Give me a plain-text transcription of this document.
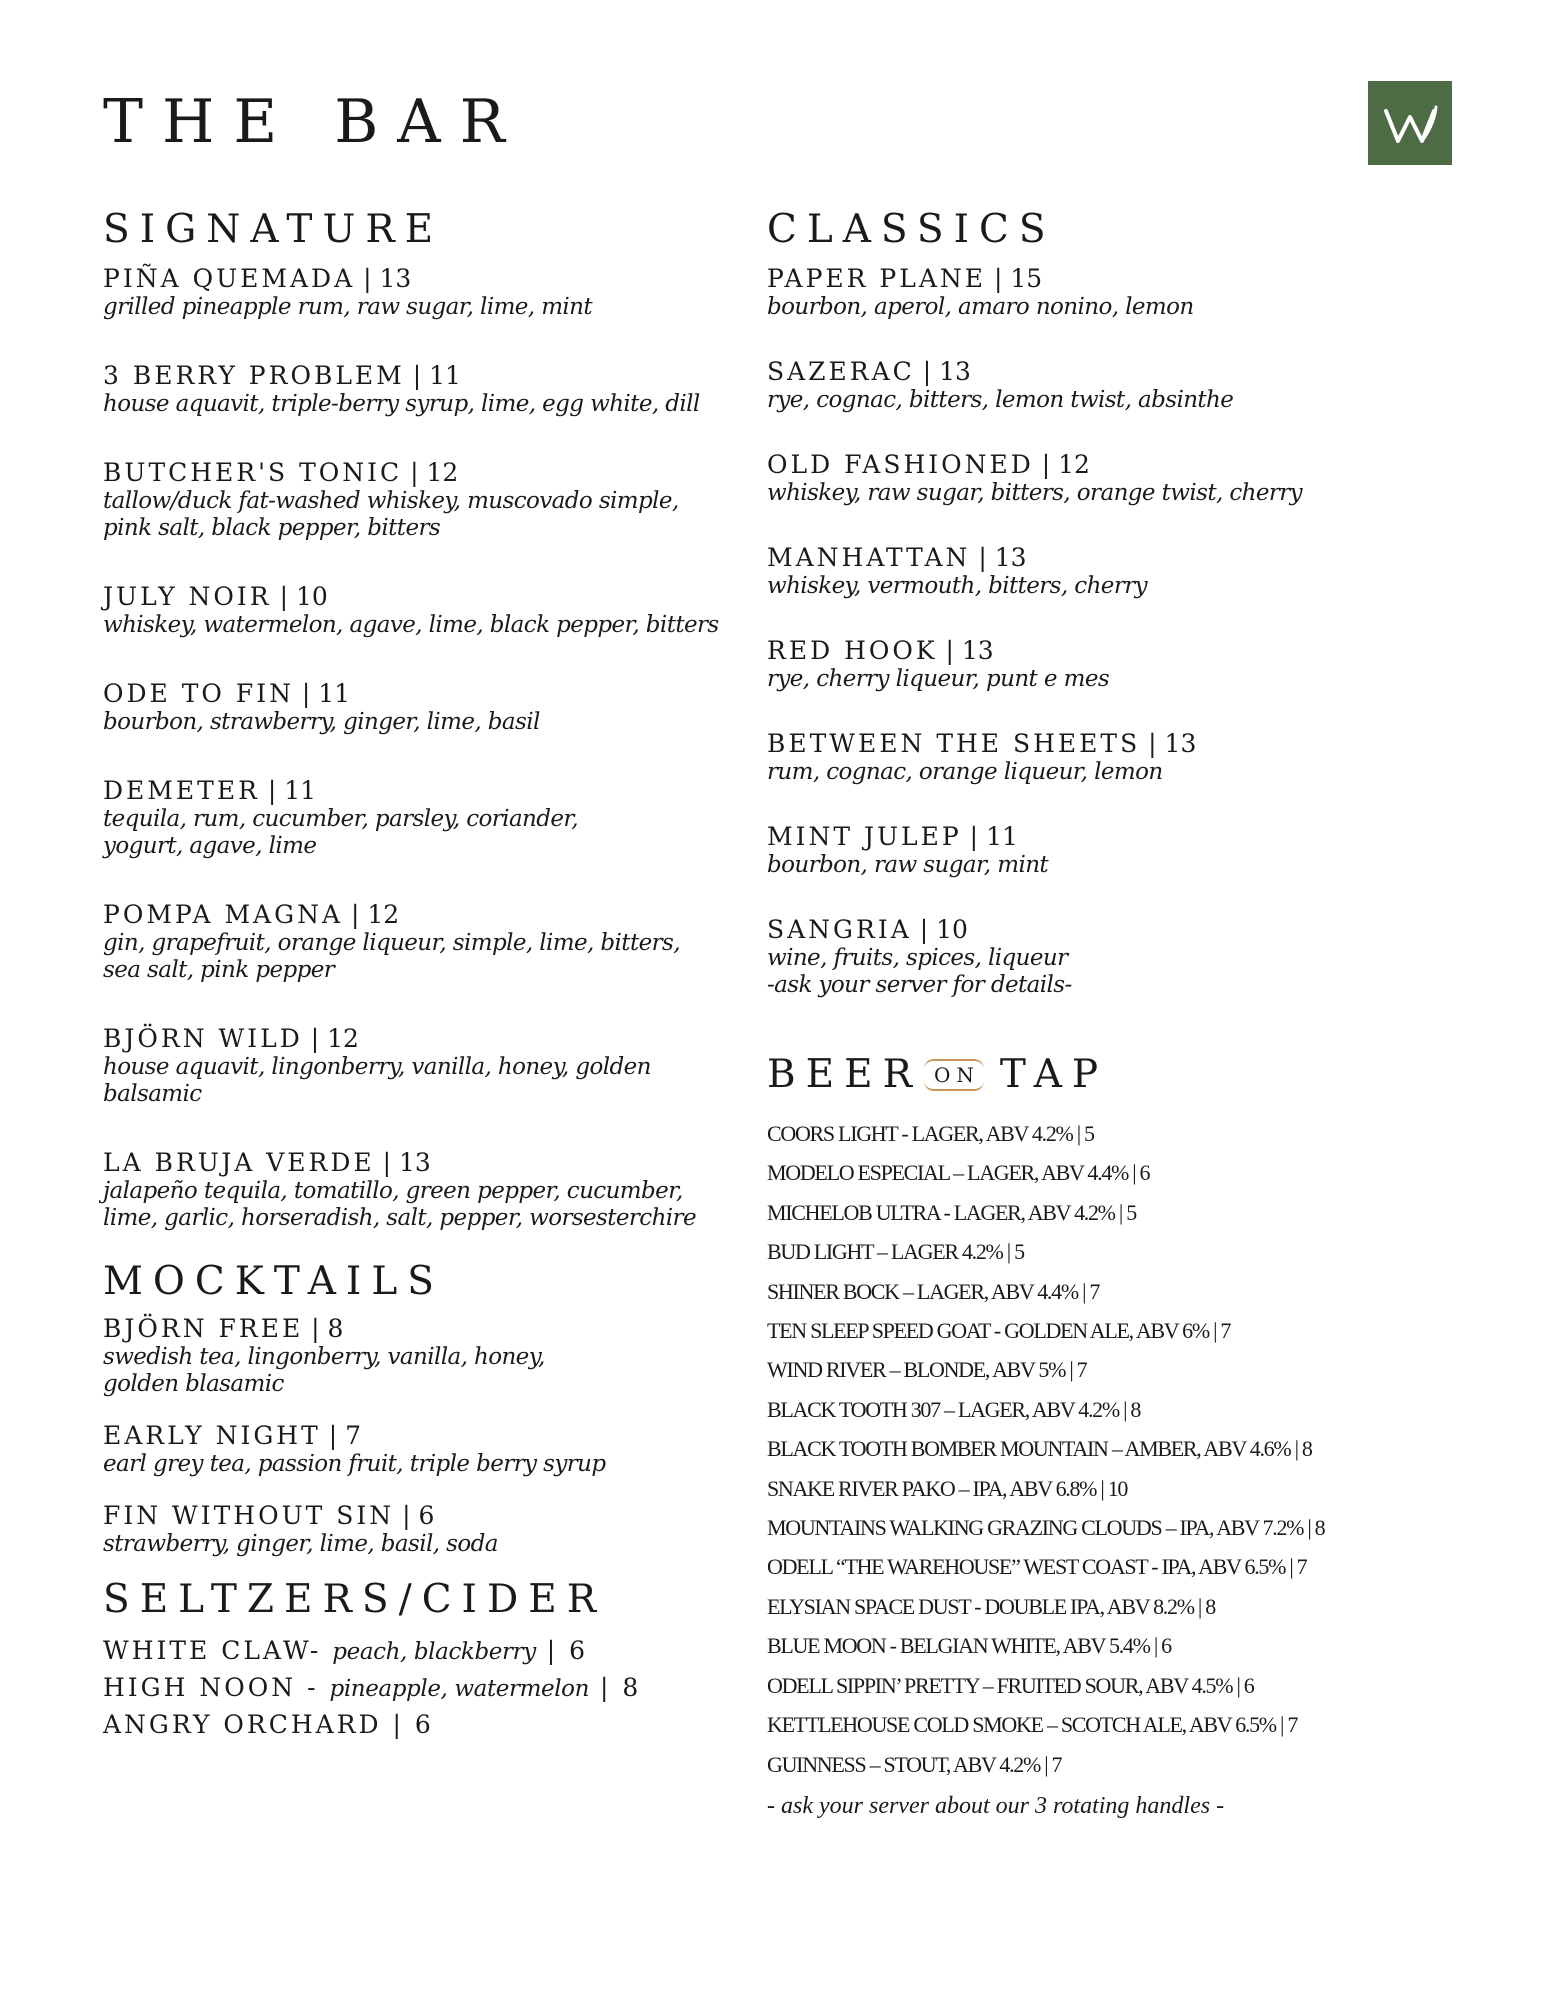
THE BAR
SIGNATURE
PIÑA QUEMADA | 13
grilled pineapple rum, raw sugar, lime, mint
3 BERRY PROBLEM | 11
house aquavit, triple-berry syrup, lime, egg white, dill
BUTCHER'S TONIC | 12
tallow/duck fat-washed whiskey, muscovado simple,
pink salt, black pepper, bitters
JULY NOIR | 10
whiskey, watermelon, agave, lime, black pepper, bitters
ODE TO FIN | 11
bourbon, strawberry, ginger, lime, basil
DEMETER | 11
tequila, rum, cucumber, parsley, coriander,
yogurt, agave, lime
POMPA MAGNA | 12
gin, grapefruit, orange liqueur, simple, lime, bitters,
sea salt, pink pepper
BJÖRN WILD | 12
house aquavit, lingonberry, vanilla, honey, golden balsamic
LA BRUJA VERDE | 13
jalapeño tequila, tomatillo, green pepper, cucumber,
lime, garlic, horseradish, salt, pepper, worsesterchire
MOCKTAILS
BJÖRN FREE | 8
swedish tea, lingonberry, vanilla, honey,
golden blasamic
EARLY NIGHT | 7
earl grey tea, passion fruit, triple berry syrup
FIN WITHOUT SIN | 6
strawberry, ginger, lime, basil, soda
SELTZERS/CIDER
WHITE CLAW- peach, blackberry | 6
HIGH NOON - pineapple, watermelon | 8
ANGRY ORCHARD | 6
CLASSICS
PAPER PLANE | 15
bourbon, aperol, amaro nonino, lemon
SAZERAC | 13
rye, cognac, bitters, lemon twist, absinthe
OLD FASHIONED | 12
whiskey, raw sugar, bitters, orange twist, cherry
MANHATTAN | 13
whiskey, vermouth, bitters, cherry
RED HOOK | 13
rye, cherry liqueur, punt e mes
BETWEEN THE SHEETS | 13
rum, cognac, orange liqueur, lemon
MINT JULEP | 11
bourbon, raw sugar, mint
SANGRIA | 10
wine, fruits, spices, liqueur
-ask your server for details-
BEER ON TAP
COORS LIGHT - LAGER, ABV 4.2% | 5
MODELO ESPECIAL – LAGER, ABV 4.4% | 6
MICHELOB ULTRA - LAGER, ABV 4.2% | 5
BUD LIGHT – LAGER 4.2% | 5
SHINER BOCK – LAGER, ABV 4.4% | 7
TEN SLEEP SPEED GOAT - GOLDEN ALE, ABV 6% | 7
WIND RIVER – BLONDE, ABV 5% | 7
BLACK TOOTH 307 – LAGER, ABV 4.2% | 8
BLACK TOOTH BOMBER MOUNTAIN – AMBER, ABV 4.6% | 8
SNAKE RIVER PAKO – IPA, ABV 6.8% | 10
MOUNTAINS WALKING GRAZING CLOUDS – IPA, ABV 7.2% | 8
ODELL “THE WAREHOUSE” WEST COAST - IPA, ABV 6.5% | 7
ELYSIAN SPACE DUST - DOUBLE IPA, ABV 8.2% | 8
BLUE MOON - BELGIAN WHITE, ABV 5.4% | 6
ODELL SIPPIN’ PRETTY – FRUITED SOUR, ABV 4.5% | 6
KETTLEHOUSE COLD SMOKE – SCOTCH ALE, ABV 6.5% | 7
GUINNESS – STOUT, ABV 4.2% | 7
- ask your server about our 3 rotating handles -
